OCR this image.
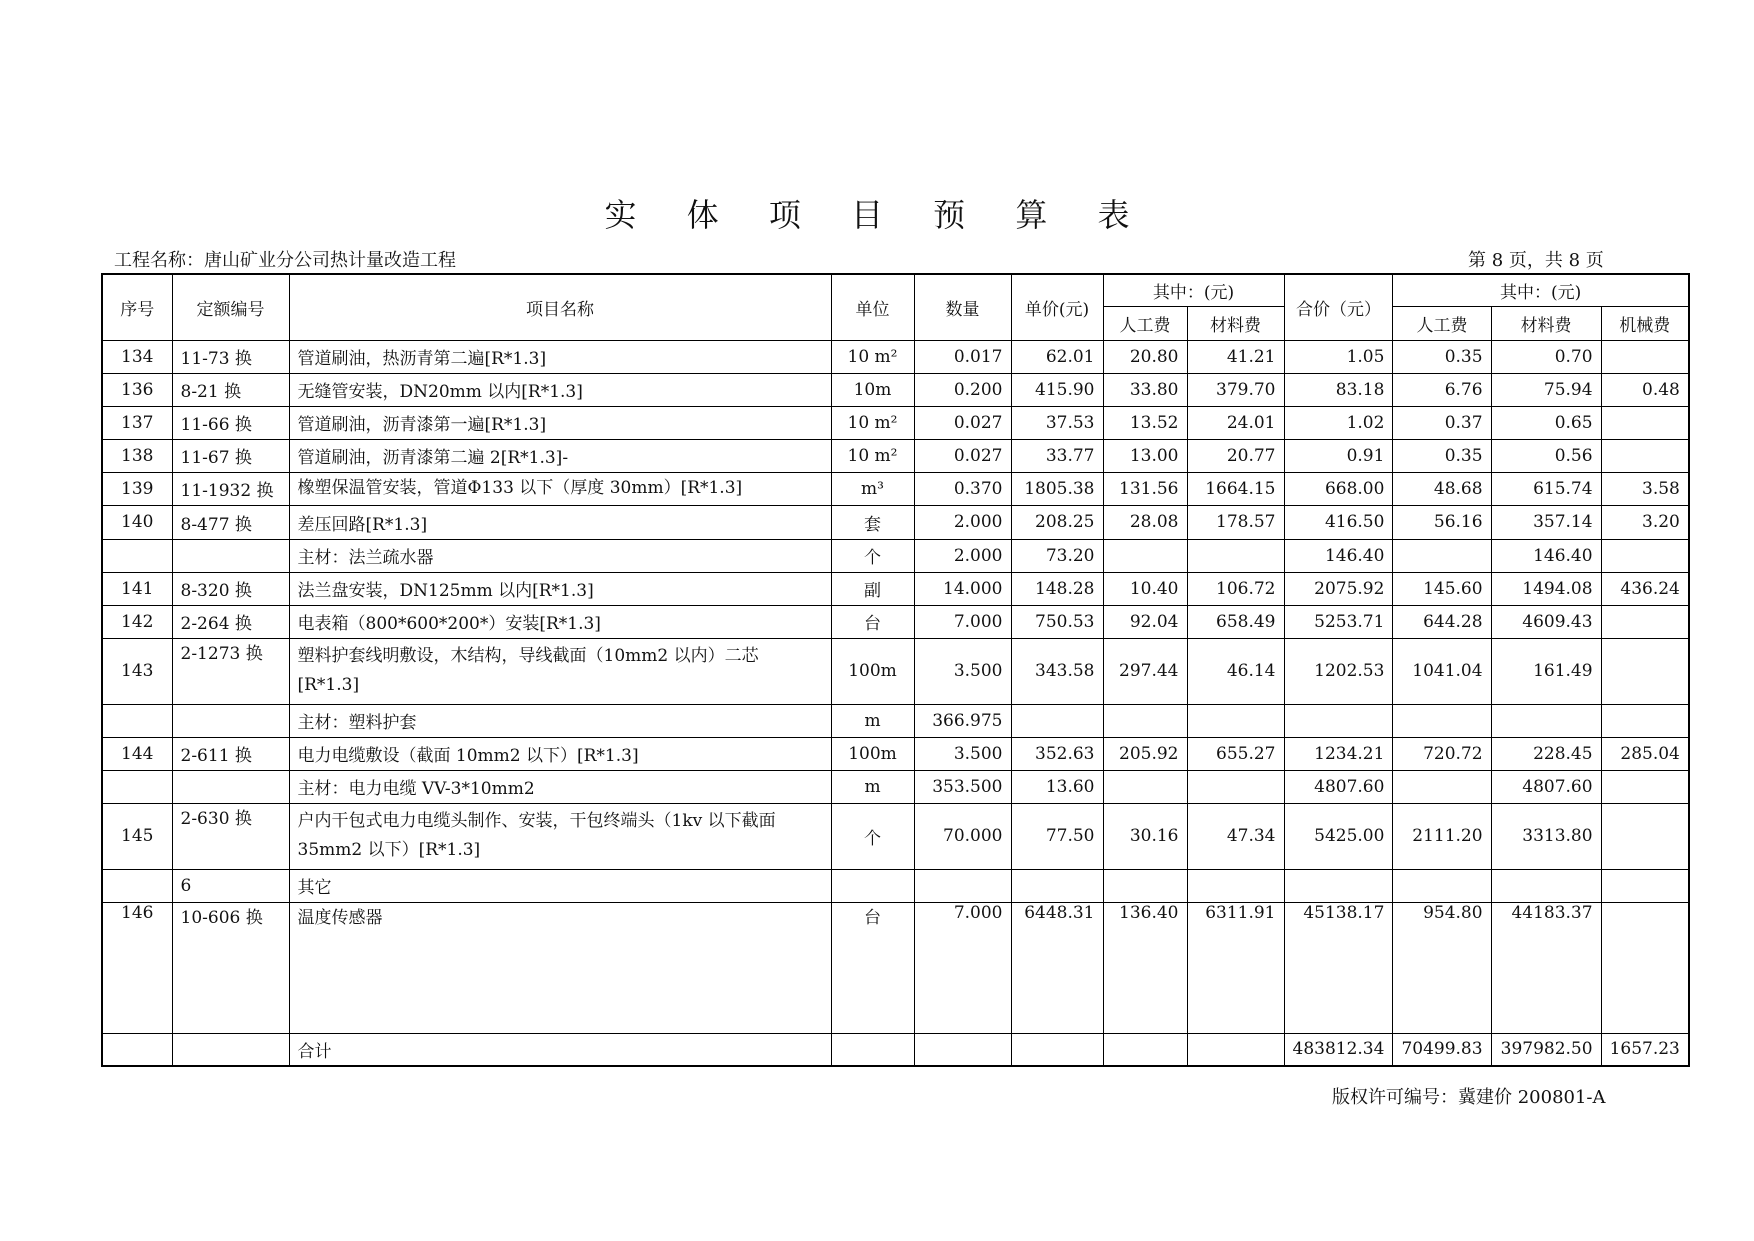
实 体 项 目 预 算 表
工程名称：唐山矿业分公司热计量改造工程	第 8 页，共 8 页
序号	定额编号	项目名称	单位	数量	单价(元)	其中：(元)		合价（元）	其中：(元)		
						人工费	材料费		人工费	材料费	机械费
134	11-73 换	管道刷油，热沥青第二遍[R*1.3]	10 m²	0.017	62.01	20.80	41.21	1.05	0.35	0.70	
136	8-21 换	无缝管安装，DN20mm 以内[R*1.3]	10m	0.200	415.90	33.80	379.70	83.18	6.76	75.94	0.48
137	11-66 换	管道刷油，沥青漆第一遍[R*1.3]	10 m²	0.027	37.53	13.52	24.01	1.02	0.37	0.65	
138	11-67 换	管道刷油，沥青漆第二遍 2[R*1.3]-	10 m²	0.027	33.77	13.00	20.77	0.91	0.35	0.56	
139	11-1932 换	橡塑保温管安装，管道Φ133 以下（厚度 30mm）[R*1.3]	m³	0.370	1805.38	131.56	1664.15	668.00	48.68	615.74	3.58
140	8-477 换	差压回路[R*1.3]	套	2.000	208.25	28.08	178.57	416.50	56.16	357.14	3.20
		主材：法兰疏水器	个	2.000	73.20			146.40		146.40	
141	8-320 换	法兰盘安装，DN125mm 以内[R*1.3]	副	14.000	148.28	10.40	106.72	2075.92	145.60	1494.08	436.24
142	2-264 换	电表箱（800*600*200*）安装[R*1.3]	台	7.000	750.53	92.04	658.49	5253.71	644.28	4609.43	
143	2-1273 换	塑料护套线明敷设，木结构，导线截面（10mm2 以内）二芯 [R*1.3]	100m	3.500	343.58	297.44	46.14	1202.53	1041.04	161.49	
		主材：塑料护套	m	366.975							
144	2-611 换	电力电缆敷设（截面 10mm2 以下）[R*1.3]	100m	3.500	352.63	205.92	655.27	1234.21	720.72	228.45	285.04
		主材：电力电缆 VV-3*10mm2	m	353.500	13.60			4807.60		4807.60	
145	2-630 换	户内干包式电力电缆头制作、安装，干包终端头（1kv 以下截面 35mm2 以下）[R*1.3]	个	70.000	77.50	30.16	47.34	5425.00	2111.20	3313.80	
	6	其它									
146	10-606 换	温度传感器	台	7.000	6448.31	136.40	6311.91	45138.17	954.80	44183.37	
		合计						483812.34	70499.83	397982.50	1657.23
版权许可编号：冀建价 200801-A
